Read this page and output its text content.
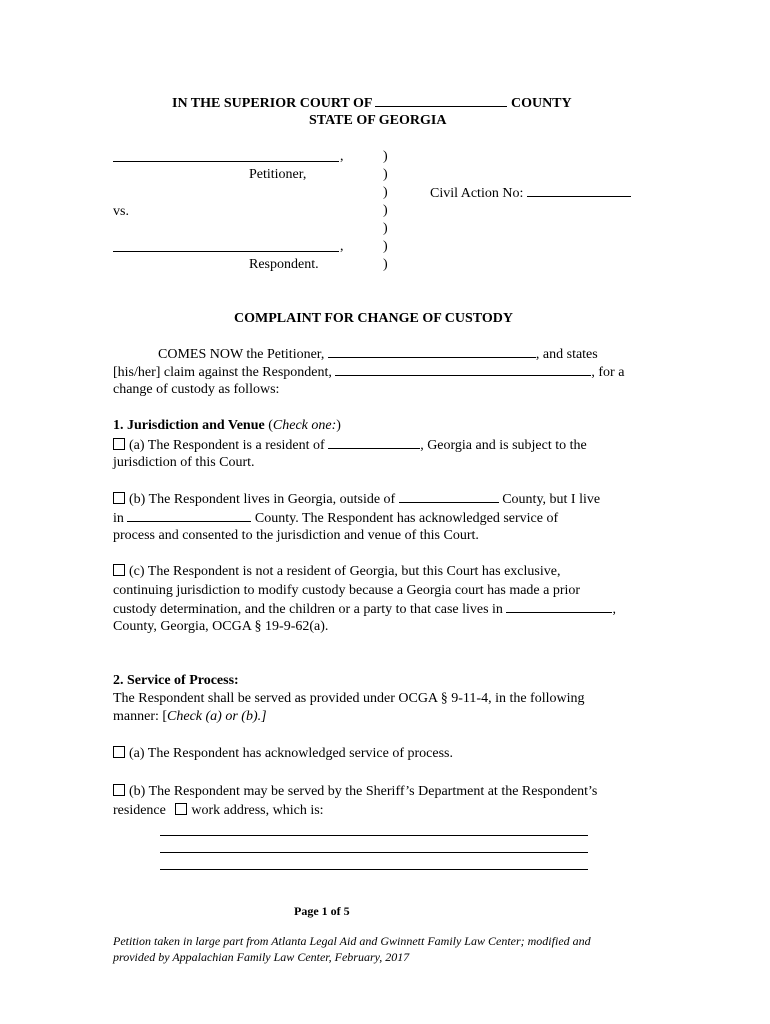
IN THE SUPERIOR COURT OF	COUNTY
STATE OF GEORGIA
,
Petitioner,
vs.
,
Respondent.
)
)
)
)
)
)
)
Civil Action No:
COMPLAINT FOR CHANGE OF CUSTODY
COMES NOW the Petitioner,	, and states
[his/her] claim against the Respondent,	, for a
change of custody as follows:
1. Jurisdiction and Venue (Check one:)
(a) The Respondent is a resident of	, Georgia and is subject to the
jurisdiction of this Court.
(b) The Respondent lives in Georgia, outside of	County, but I live
in	County. The Respondent has acknowledged service of
process and consented to the jurisdiction and venue of this Court.
(c) The Respondent is not a resident of Georgia, but this Court has exclusive,
continuing jurisdiction to modify custody because a Georgia court has made a prior
custody determination, and the children or a party to that case lives in	,
County, Georgia, OCGA § 19-9-62(a).
2. Service of Process:
The Respondent shall be served as provided under OCGA § 9-11-4, in the following
manner: [Check (a) or (b).]
(a) The Respondent has acknowledged service of process.
(b) The Respondent may be served by the Sheriff’s Department at the Respondent’s
residence work address, which is:
Page 1 of 5
Petition taken in large part from Atlanta Legal Aid and Gwinnett Family Law Center; modified and
provided by Appalachian Family Law Center, February, 2017
